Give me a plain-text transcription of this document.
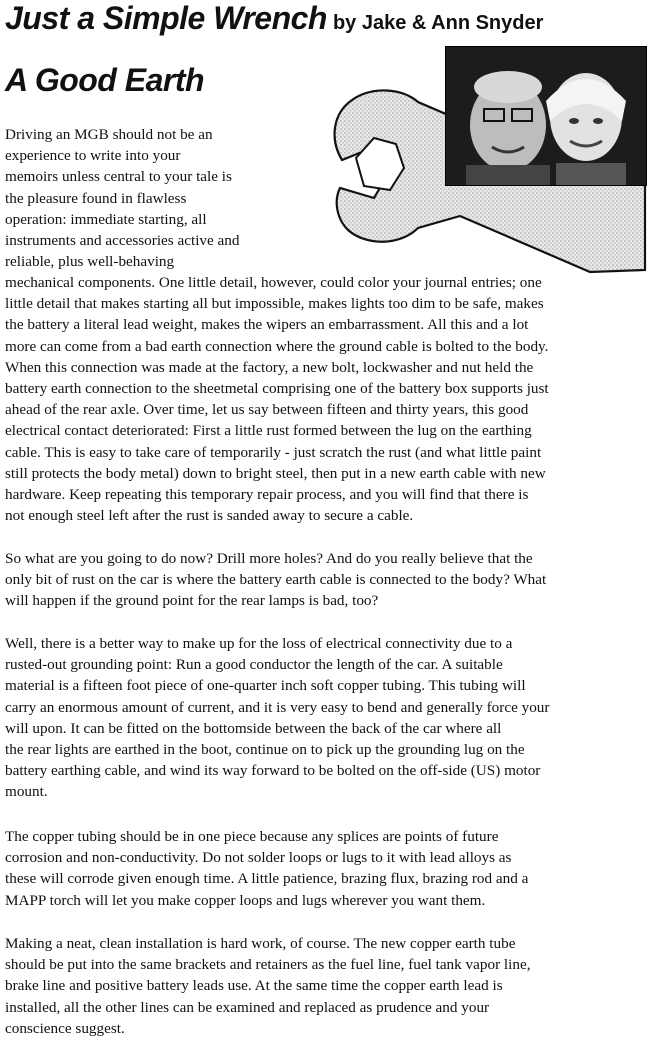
Just a Simple Wrench by Jake & Ann Snyder
A Good Earth

Driving an MGB should not be an
experience to write into your
memoirs unless central to your tale is
the pleasure found in flawless
operation: immediate starting, all
instruments and accessories active and
reliable, plus well-behaving

mechanical components. One little detail, however, could color your journal entries; one
little detail that makes starting all but impossible, makes lights too dim to be safe, makes
the battery a literal lead weight, makes the wipers an embarrassment. All this and a lot
more can come from a bad earth connection where the ground cable is bolted to the body.
When this connection was made at the factory, a new bolt, lockwasher and nut held the
battery earth connection to the sheetmetal comprising one of the battery box supports just
ahead of the rear axle. Over time, let us say between fifteen and thirty years, this good
electrical contact deteriorated: First a little rust formed between the lug on the earthing
cable. This is easy to take care of temporarily - just scratch the rust (and what little paint
still protects the body metal) down to bright steel, then put in a new earth cable with new
hardware. Keep repeating this temporary repair process, and you will find that there is
not enough steel left after the rust is sanded away to secure a cable.

So what are you going to do now? Drill more holes? And do you really believe that the
only bit of rust on the car is where the battery earth cable is connected to the body? What
will happen if the ground point for the rear lamps is bad, too?

Well, there is a better way to make up for the loss of electrical connectivity due to a
rusted-out grounding point: Run a good conductor the length of the car. A suitable
material is a fifteen foot piece of one-quarter inch soft copper tubing. This tubing will
carry an enormous amount of current, and it is very easy to bend and generally force your
will upon. It can be fitted on the bottomside between the back of the car where all
the rear lights are earthed in the boot, continue on to pick up the grounding lug on the
battery earthing cable, and wind its way forward to be bolted on the off-side (US) motor
mount.

The copper tubing should be in one piece because any splices are points of future
corrosion and non-conductivity. Do not solder loops or lugs to it with lead alloys as
these will corrode given enough time. A little patience, brazing flux, brazing rod and a
MAPP torch will let you make copper loops and lugs wherever you want them.

Making a neat, clean installation is hard work, of course. The new copper earth tube
should be put into the same brackets and retainers as the fuel line, fuel tank vapor line,
brake line and positive battery leads use. At the same time the copper earth lead is
installed, all the other lines can be examined and replaced as prudence and your
conscience suggest.
